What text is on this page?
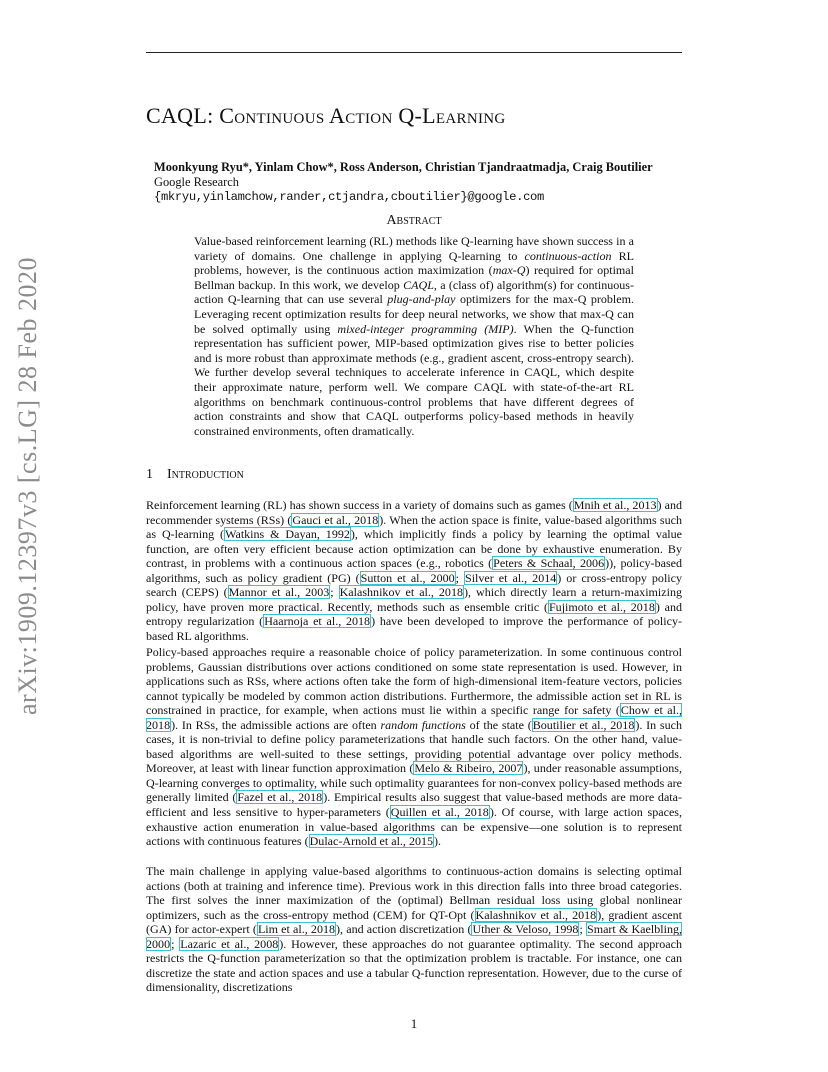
arXiv:1909.12397v3 [cs.LG] 28 Feb 2020
CAQL: Continuous Action Q-Learning
Moonkyung Ryu*, Yinlam Chow*, Ross Anderson, Christian Tjandraatmadja, Craig Boutilier
Google Research
{mkryu,yinlamchow,rander,ctjandra,cboutilier}@google.com
Abstract
Value-based reinforcement learning (RL) methods like Q-learning have shown success in a variety of domains. One challenge in applying Q-learning to continuous-action RL problems, however, is the continuous action maximization (max-Q) required for optimal Bellman backup. In this work, we develop CAQL, a (class of) algorithm(s) for continuous-action Q-learning that can use several plug-and-play optimizers for the max-Q problem. Leveraging recent optimization results for deep neural networks, we show that max-Q can be solved optimally using mixed-integer programming (MIP). When the Q-function representation has sufficient power, MIP-based optimization gives rise to better policies and is more robust than approximate methods (e.g., gradient ascent, cross-entropy search). We further develop several techniques to accelerate inference in CAQL, which despite their approximate nature, perform well. We compare CAQL with state-of-the-art RL algorithms on benchmark continuous-control problems that have different degrees of action constraints and show that CAQL outperforms policy-based methods in heavily constrained environments, often dramatically.
1 Introduction
Reinforcement learning (RL) has shown success in a variety of domains such as games (Mnih et al., 2013) and recommender systems (RSs) (Gauci et al., 2018). When the action space is finite, value-based algorithms such as Q-learning (Watkins & Dayan, 1992), which implicitly finds a policy by learning the optimal value function, are often very efficient because action optimization can be done by exhaustive enumeration. By contrast, in problems with a continuous action spaces (e.g., robotics (Peters & Schaal, 2006)), policy-based algorithms, such as policy gradient (PG) (Sutton et al., 2000; Silver et al., 2014) or cross-entropy policy search (CEPS) (Mannor et al., 2003; Kalashnikov et al., 2018), which directly learn a return-maximizing policy, have proven more practical. Recently, methods such as ensemble critic (Fujimoto et al., 2018) and entropy regularization (Haarnoja et al., 2018) have been developed to improve the performance of policy-based RL algorithms.
Policy-based approaches require a reasonable choice of policy parameterization. In some continuous control problems, Gaussian distributions over actions conditioned on some state representation is used. However, in applications such as RSs, where actions often take the form of high-dimensional item-feature vectors, policies cannot typically be modeled by common action distributions. Furthermore, the admissible action set in RL is constrained in practice, for example, when actions must lie within a specific range for safety (Chow et al., 2018). In RSs, the admissible actions are often random functions of the state (Boutilier et al., 2018). In such cases, it is non-trivial to define policy parameterizations that handle such factors. On the other hand, value-based algorithms are well-suited to these settings, providing potential advantage over policy methods. Moreover, at least with linear function approximation (Melo & Ribeiro, 2007), under reasonable assumptions, Q-learning converges to optimality, while such optimality guarantees for non-convex policy-based methods are generally limited (Fazel et al., 2018). Empirical results also suggest that value-based methods are more data-efficient and less sensitive to hyper-parameters (Quillen et al., 2018). Of course, with large action spaces, exhaustive action enumeration in value-based algorithms can be expensive—one solution is to represent actions with continuous features (Dulac-Arnold et al., 2015).
The main challenge in applying value-based algorithms to continuous-action domains is selecting optimal actions (both at training and inference time). Previous work in this direction falls into three broad categories. The first solves the inner maximization of the (optimal) Bellman residual loss using global nonlinear optimizers, such as the cross-entropy method (CEM) for QT-Opt (Kalashnikov et al., 2018), gradient ascent (GA) for actor-expert (Lim et al., 2018), and action discretization (Uther & Veloso, 1998; Smart & Kaelbling, 2000; Lazaric et al., 2008). However, these approaches do not guarantee optimality. The second approach restricts the Q-function parameterization so that the optimization problem is tractable. For instance, one can discretize the state and action spaces and use a tabular Q-function representation. However, due to the curse of dimensionality, discretizations
1
